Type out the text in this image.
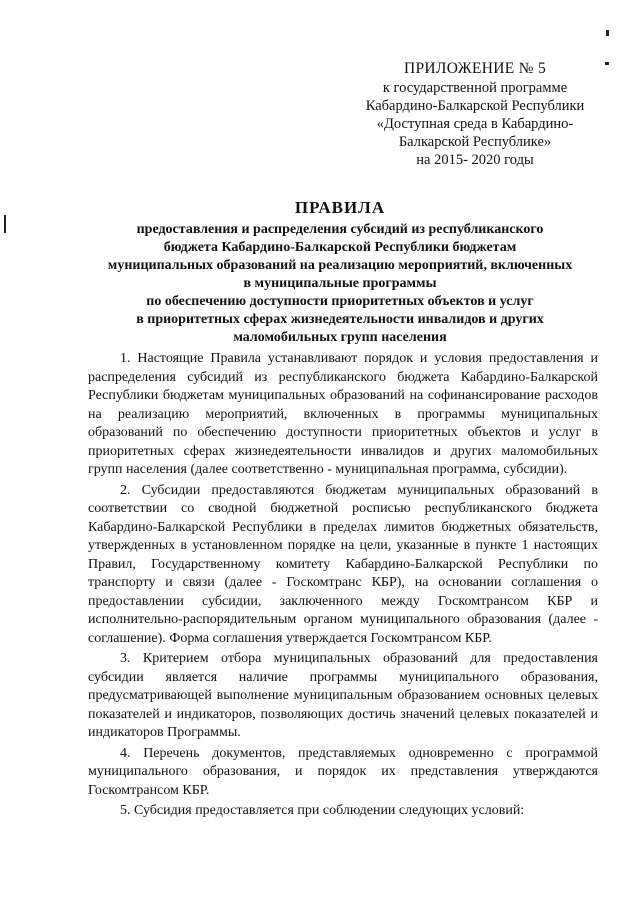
ПРИЛОЖЕНИЕ № 5
к государственной программе
Кабардино-Балкарской Республики
«Доступная среда в Кабардино-
Балкарской Республике»
на 2015- 2020 годы
ПРАВИЛА
предоставления и распределения субсидий из республиканского
бюджета Кабардино-Балкарской Республики бюджетам
муниципальных образований на реализацию мероприятий, включенных
в муниципальные программы
по обеспечению доступности приоритетных объектов и услуг
в приоритетных сферах жизнедеятельности инвалидов и других
маломобильных групп населения

1. Настоящие Правила устанавливают порядок и условия предоставления и распределения субсидий из республиканского бюджета Кабардино-Балкарской Республики бюджетам муниципальных образований на софинансирование расходов на реализацию мероприятий, включенных в программы муниципальных образований по обеспечению доступности приоритетных объектов и услуг в приоритетных сферах жизнедеятельности инвалидов и других маломобильных групп населения (далее соответственно - муниципальная программа, субсидии).

2. Субсидии предоставляются бюджетам муниципальных образований в соответствии со сводной бюджетной росписью республиканского бюджета Кабардино-Балкарской Республики в пределах лимитов бюджетных обязательств, утвержденных в установленном порядке на цели, указанные в пункте 1 настоящих Правил, Государственному комитету Кабардино-Балкарской Республики по транспорту и связи (далее - Госкомтранс КБР), на основании соглашения о предоставлении субсидии, заключенного между Госкомтрансом КБР и исполнительно-распорядительным органом муниципального образования (далее - соглашение). Форма соглашения утверждается Госкомтрансом КБР.

3. Критерием отбора муниципальных образований для предоставления субсидии является наличие программы муниципального образования, предусматривающей выполнение муниципальным образованием основных целевых показателей и индикаторов, позволяющих достичь значений целевых показателей и индикаторов Программы.

4. Перечень документов, прeдставляемых одновременно с программой муниципального образования, и порядок их представления утверждаются Госкомтрансом КБР.

5. Субсидия предоставляется при соблюдении следующих условий:
